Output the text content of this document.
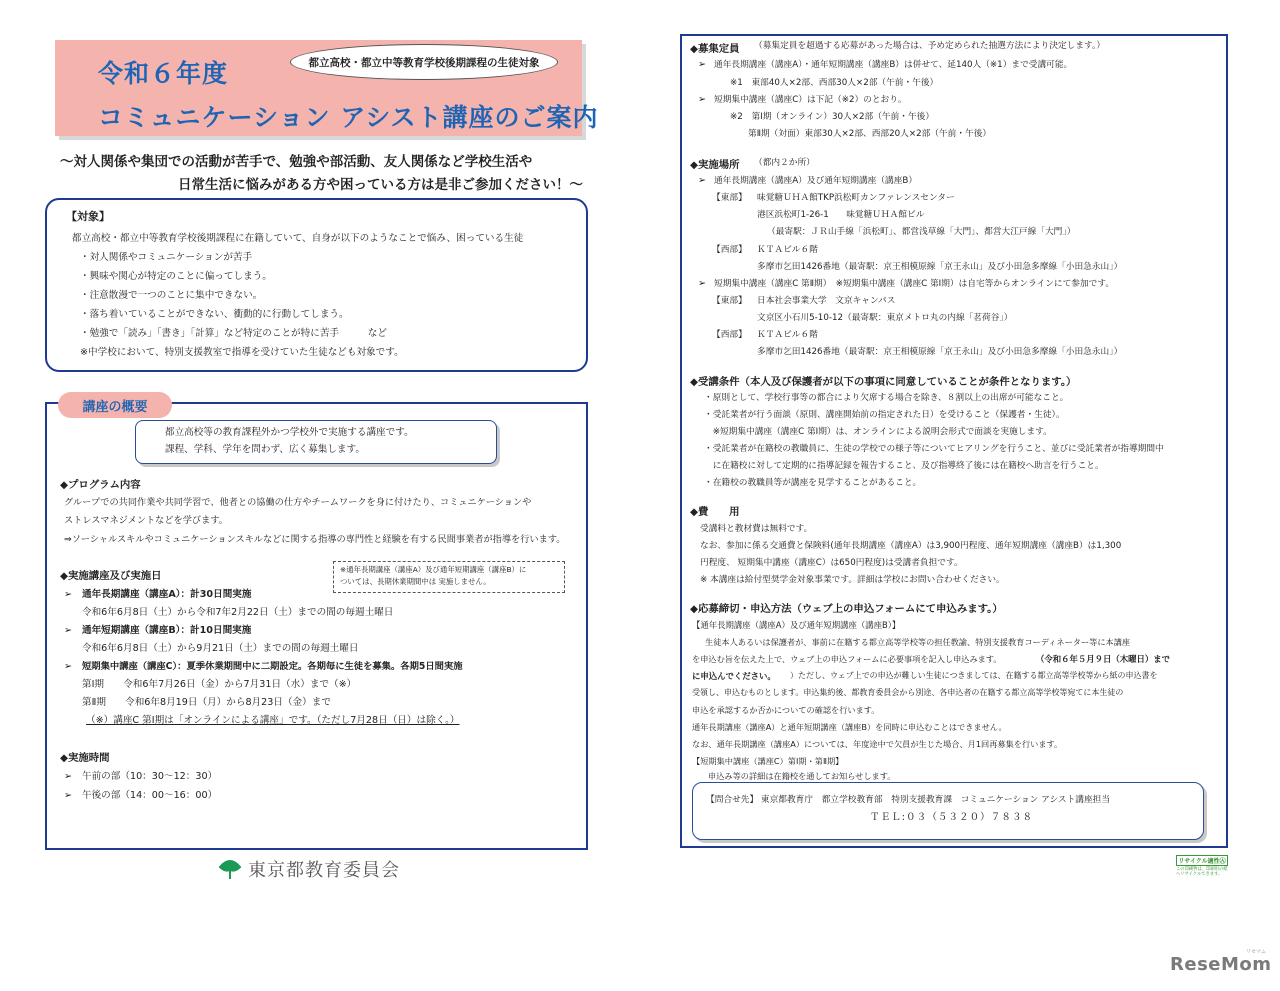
令和６年度
コミュニケーション アシスト講座のご案内
都立高校・都立中等教育学校後期課程の生徒対象
～対人関係や集団での活動が苦手で、勉強や部活動、友人関係など学校生活や
日常生活に悩みがある方や困っている方は是非ご参加ください！～
【対象】
都立高校・都立中等教育学校後期課程に在籍していて、自身が以下のようなことで悩み、困っている生徒
・対人関係やコミュニケーションが苦手
・興味や関心が特定のことに偏ってしまう。
・注意散漫で一つのことに集中できない。
・落ち着いていることができない、衝動的に行動してしまう。
・勉強で「読み」「書き」「計算」など特定のことが特に苦手　　　など
※中学校において、特別支援教室で指導を受けていた生徒なども対象です。
講座の概要
都立高校等の教育課程外かつ学校外で実施する講座です。
課程、学科、学年を問わず、広く募集します。
◆プログラム内容
グループでの共同作業や共同学習で、他者との協働の仕方やチームワークを身に付けたり、コミュニケーションや
ストレスマネジメントなどを学びます。
⇒ソーシャルスキルやコミュニケーションスキルなどに関する指導の専門性と経験を有する民間事業者が指導を行います。
※通年長期講座（講座A）及び通年短期講座（講座B）に
ついては、長期休業期間中は 実施しません。
◆実施講座及び実施日
➢ 通年長期講座（講座A）：計30日間実施
令和6年6月8日（土）から令和7年2月22日（土）までの間の毎週土曜日
➢ 通年短期講座（講座B）：計10日間実施
令和6年6月8日（土）から9月21日（土）までの間の毎週土曜日
➢ 短期集中講座（講座C）：夏季休業期間中に二期設定。各期毎に生徒を募集。各期5日間実施
第Ⅰ期　　令和6年7月26日（金）から7月31日（水）まで（※）
第Ⅱ期　　令和6年8月19日（月）から8月23日（金）まで
（※）講座C 第Ⅰ期は「オンラインによる講座」です。（ただし7月28日（日）は除く。）
◆実施時間
➢ 午前の部（10：30～12：30）
➢ 午後の部（14：00～16：00）
東京都教育委員会
◆募集定員 （募集定員を超過する応募があった場合は、予め定められた抽選方法により決定します。）
➢ 通年長期講座（講座A）・通年短期講座（講座B）は併せて、延140人（※1）まで受講可能。
※1　東部40人×2部、西部30人×2部（午前・午後）
➢ 短期集中講座（講座C）は下記（※2）のとおり。
※2　第Ⅰ期（オンライン）30人×2部（午前・午後）
第Ⅱ期（対面）東部30人×2部、西部20人×2部（午前・午後）
◆実施場所 （都内２か所）
➢ 通年長期講座（講座A）及び通年短期講座（講座B）
【東部】 味覚糖ＵＨＡ館TKP浜松町カンファレンスセンター
港区浜松町1-26-1　　味覚糖ＵＨＡ館ビル
（最寄駅：ＪＲ山手線「浜松町」、都営浅草線「大門」、都営大江戸線「大門」）
【西部】 ＫＴＡビル６階
多摩市乞田1426番地（最寄駅：京王相模原線「京王永山」及び小田急多摩線「小田急永山」）
➢ 短期集中講座（講座C 第Ⅱ期）　※短期集中講座（講座C 第Ⅰ期）は自宅等からオンラインにて参加です。
【東部】 日本社会事業大学　文京キャンパス
文京区小石川5-10-12（最寄駅：東京メトロ丸の内線「茗荷谷」）
【西部】 ＫＴＡビル６階
多摩市乞田1426番地（最寄駅：京王相模原線「京王永山」及び小田急多摩線「小田急永山」）
◆受講条件（本人及び保護者が以下の事項に同意していることが条件となります。）
・原則として、学校行事等の都合により欠席する場合を除き、８割以上の出席が可能なこと。
・受託業者が行う面談（原則、講座開始前の指定された日）を受けること（保護者・生徒）。
　※短期集中講座（講座C 第Ⅰ期）は、オンラインによる説明会形式で面談を実施します。
・受託業者が在籍校の教職員に、生徒の学校での様子等についてヒアリングを行うこと、並びに受託業者が指導期間中
　に在籍校に対して定期的に指導記録を報告すること、及び指導終了後には在籍校へ助言を行うこと。
・在籍校の教職員等が講座を見学することがあること。
◆費　　用
受講料と教材費は無料です。
なお、参加に係る交通費と保険料(通年長期講座（講座A）は3,900円程度、通年短期講座（講座B）は1,300
円程度、 短期集中講座（講座C）は650円程度)は受講者負担です。
※ 本講座は給付型奨学金対象事業です。詳細は学校にお問い合わせください。
◆応募締切・申込方法（ウェブ上の申込フォームにて申込みます。）
【通年長期講座（講座A）及び通年短期講座（講座B）】
生徒本人あるいは保護者が、事前に在籍する都立高等学校等の担任教諭、特別支援教育コーディネーター等に本講座
を申込む旨を伝えた上で、ウェブ上の申込フォームに必要事項を記入し申込みます。	（令和６年５月９日（木曜日）まで
に申込んでください。 ）ただし、ウェブ上での申込が難しい生徒につきましては、在籍する都立高等学校等から紙の申込書を
受領し、申込むものとします。申込集約後、都教育委員会から別途、各申込者の在籍する都立高等学校等宛てに本生徒の
申込を承認するか否かについての確認を行います。
通年長期講座（講座A）と通年短期講座（講座B）を同時に申込むことはできません。
なお、通年長期講座（講座A）については、年度途中で欠員が生じた場合、月1回再募集を行います。
【短期集中講座（講座C）第Ⅰ期・第Ⅱ期】
申込み等の詳細は在籍校を通してお知らせします。
【問合せ先】 東京都教育庁　都立学校教育部　特別支援教育課　コミュニケーション アシスト講座担当
ＴＥＬ:０３（５３２０）７８３８
リサイクル適性Ⓐ
この印刷物は、印刷用の紙へリサイクルできます。
ReseMom
リセマム
